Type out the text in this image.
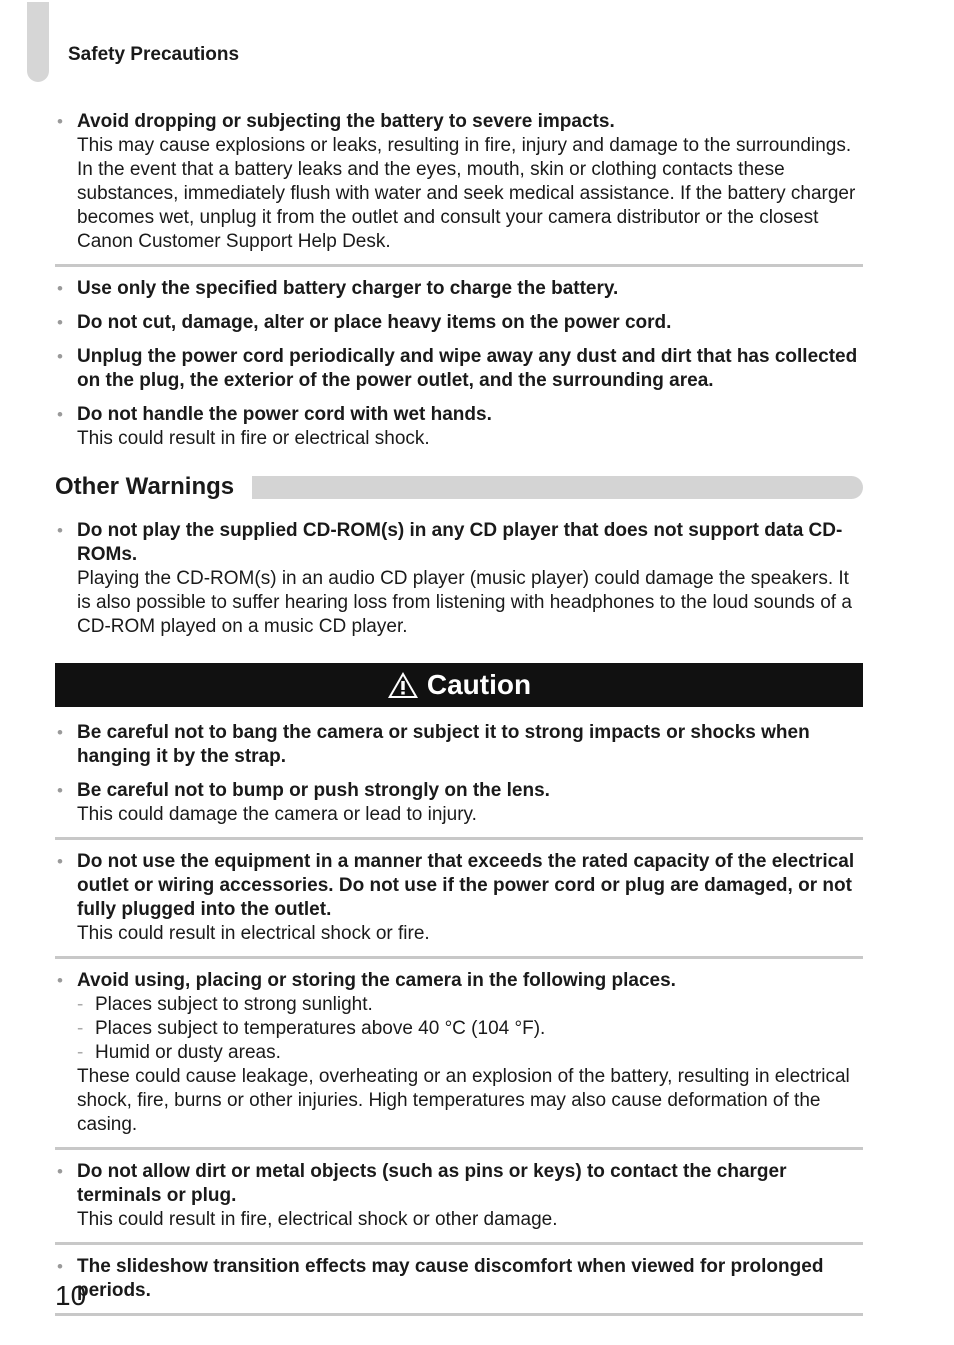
Safety Precautions
• Avoid dropping or subjecting the battery to severe impacts.
This may cause explosions or leaks, resulting in fire, injury and damage to the surroundings. In the event that a battery leaks and the eyes, mouth, skin or clothing contacts these substances, immediately flush with water and seek medical assistance. If the battery charger becomes wet, unplug it from the outlet and consult your camera distributor or the closest Canon Customer Support Help Desk.
• Use only the specified battery charger to charge the battery.
• Do not cut, damage, alter or place heavy items on the power cord.
• Unplug the power cord periodically and wipe away any dust and dirt that has collected on the plug, the exterior of the power outlet, and the surrounding area.
• Do not handle the power cord with wet hands.
This could result in fire or electrical shock.
Other Warnings
• Do not play the supplied CD-ROM(s) in any CD player that does not support data CD-ROMs.
Playing the CD-ROM(s) in an audio CD player (music player) could damage the speakers. It is also possible to suffer hearing loss from listening with headphones to the loud sounds of a CD-ROM played on a music CD player.
Caution
• Be careful not to bang the camera or subject it to strong impacts or shocks when hanging it by the strap.
• Be careful not to bump or push strongly on the lens.
This could damage the camera or lead to injury.
• Do not use the equipment in a manner that exceeds the rated capacity of the electrical outlet or wiring accessories. Do not use if the power cord or plug are damaged, or not fully plugged into the outlet.
This could result in electrical shock or fire.
• Avoid using, placing or storing the camera in the following places.
- Places subject to strong sunlight.
- Places subject to temperatures above 40 °C (104 °F).
- Humid or dusty areas.
These could cause leakage, overheating or an explosion of the battery, resulting in electrical shock, fire, burns or other injuries. High temperatures may also cause deformation of the casing.
• Do not allow dirt or metal objects (such as pins or keys) to contact the charger terminals or plug.
This could result in fire, electrical shock or other damage.
• The slideshow transition effects may cause discomfort when viewed for prolonged periods.
10
